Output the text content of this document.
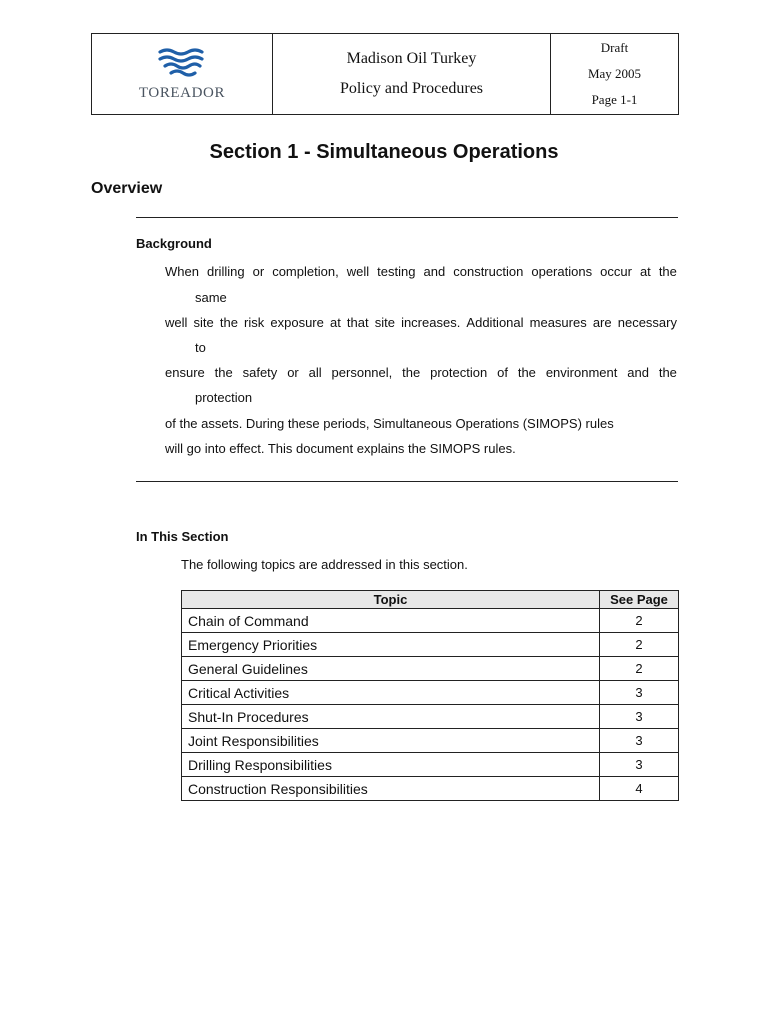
TOREADOR
Madison Oil Turkey
Policy and Procedures
Draft
May 2005
Page 1-1
Section 1 - Simultaneous Operations
Overview
Background
When drilling or completion, well testing and construction operations occur at the
same
well site the risk exposure at that site increases. Additional measures are necessary
to
ensure the safety or all personnel, the protection of the environment and the
protection
of the assets. During these periods, Simultaneous Operations (SIMOPS) rules
will go into effect. This document explains the SIMOPS rules.
In This Section
The following topics are addressed in this section.
Topic	See Page
Chain of Command	2
Emergency Priorities	2
General Guidelines	2
Critical Activities	3
Shut-In Procedures	3
Joint Responsibilities	3
Drilling Responsibilities	3
Construction Responsibilities	4
